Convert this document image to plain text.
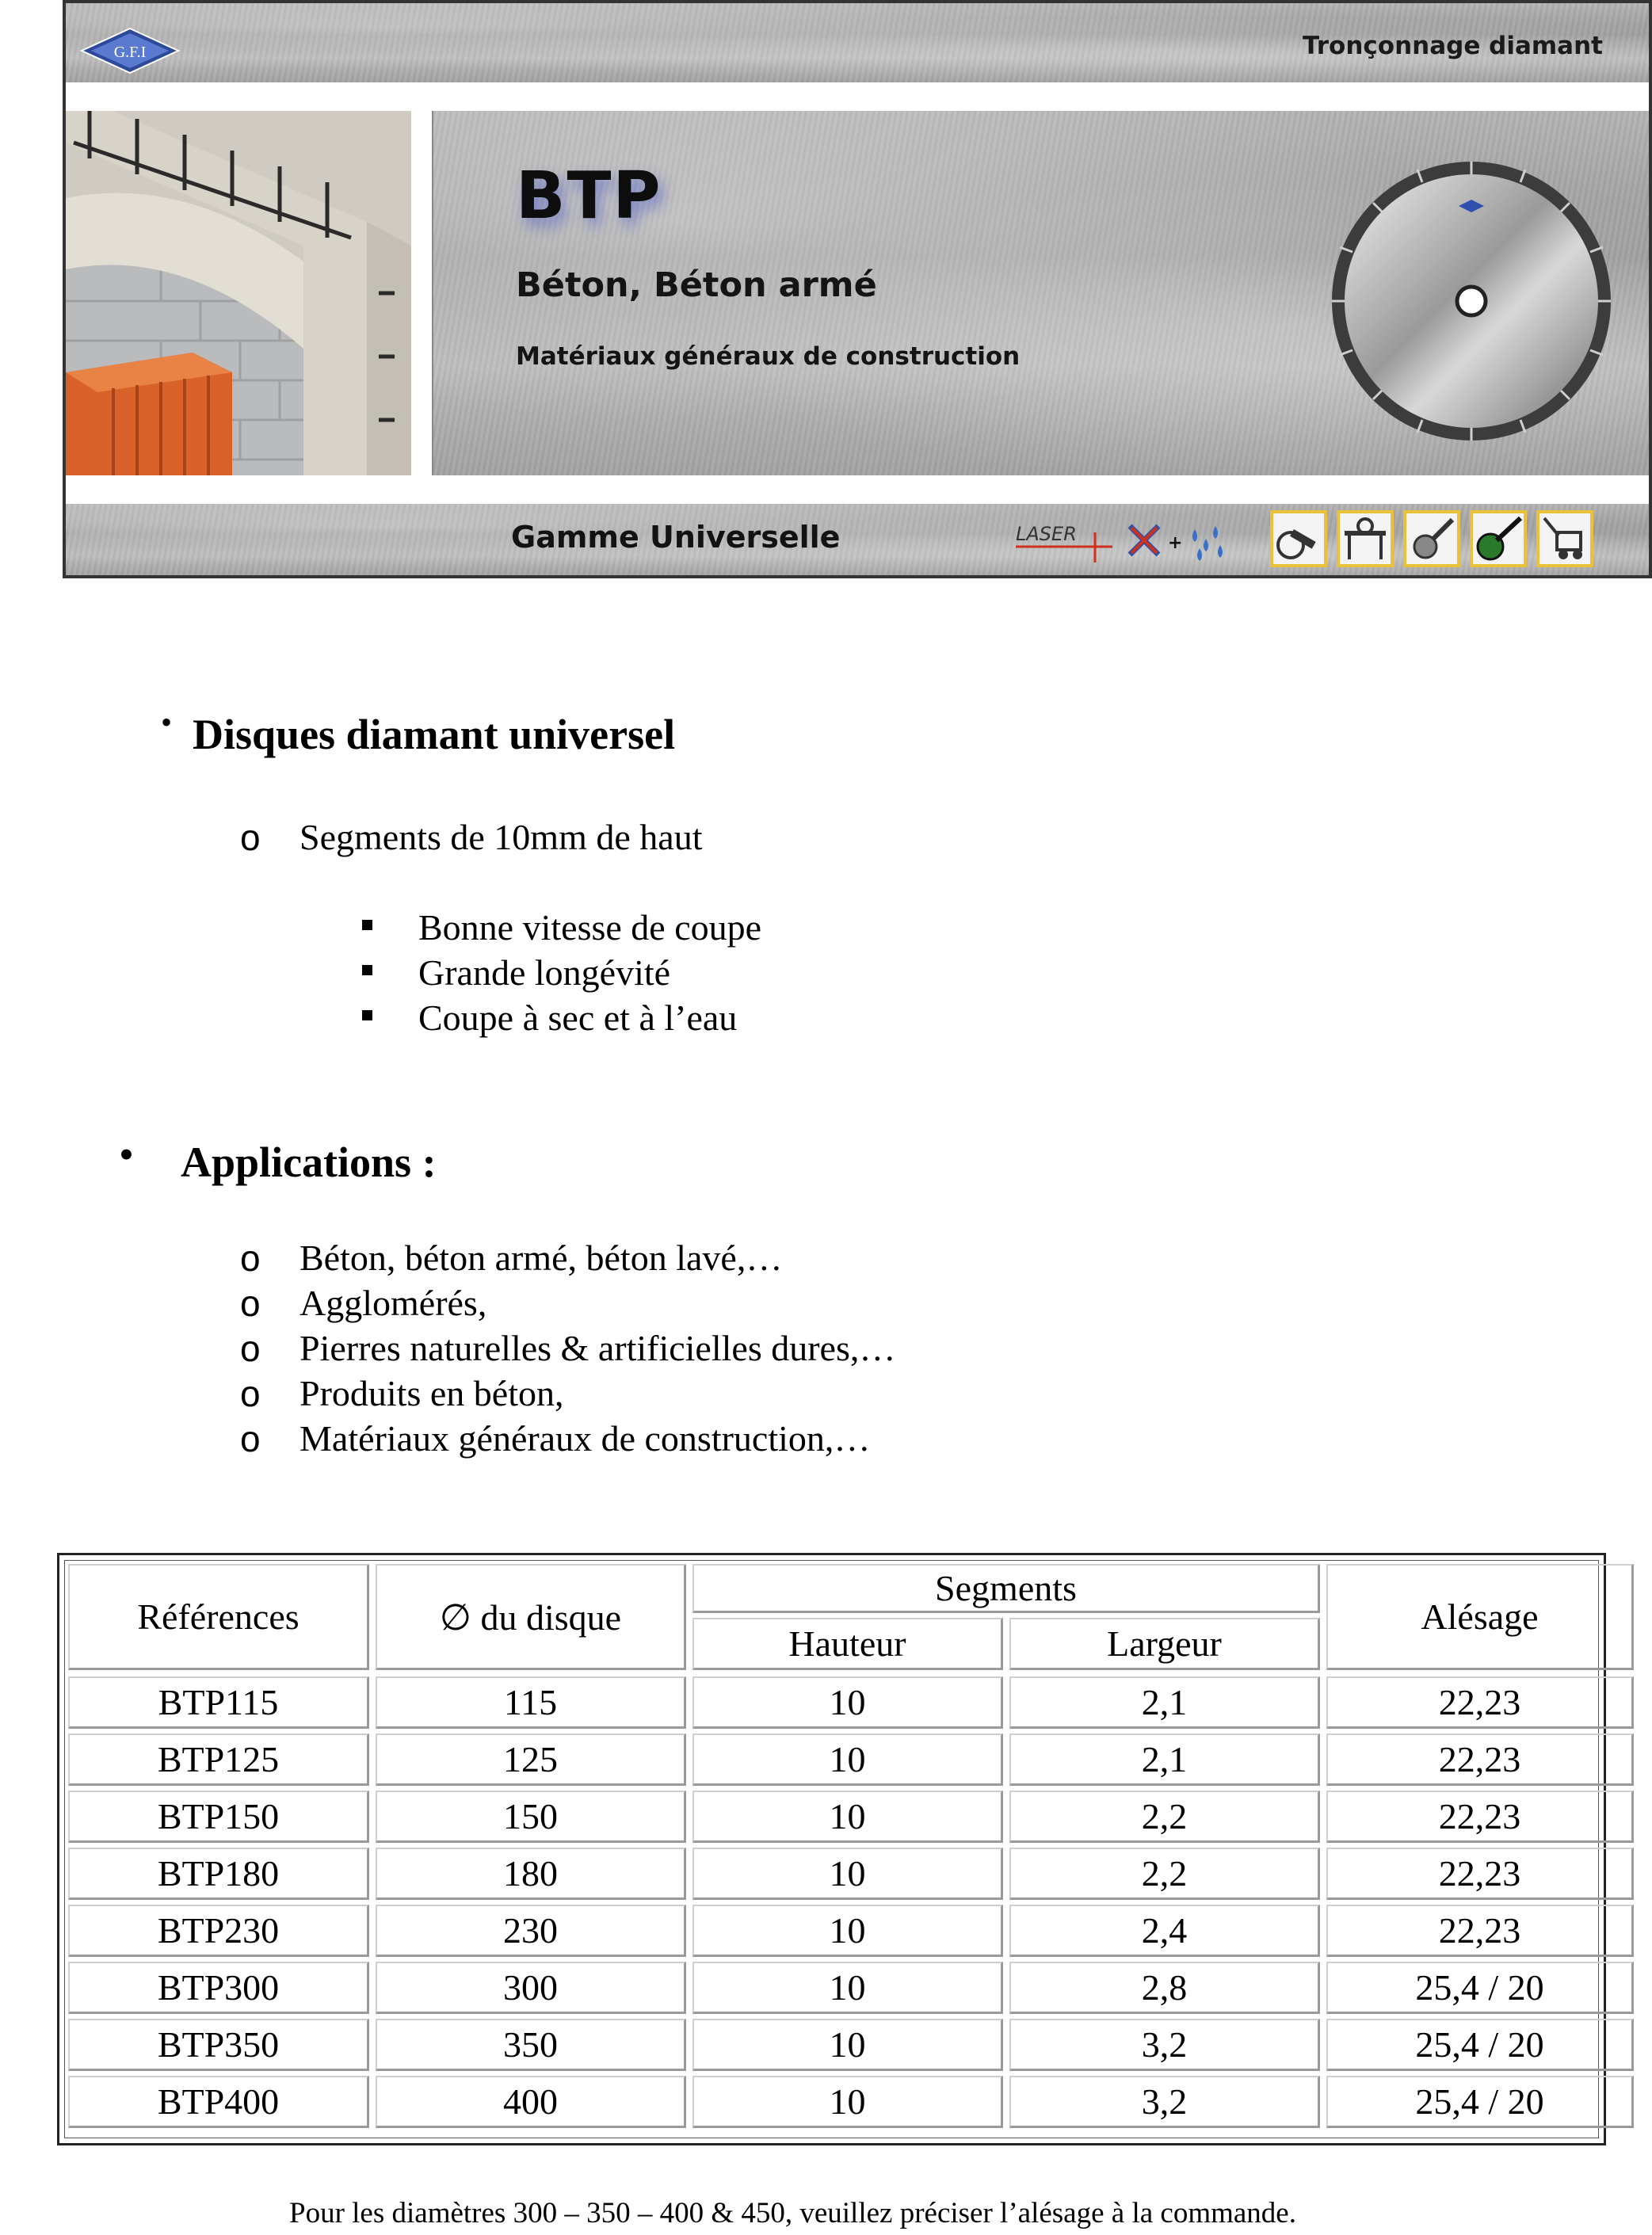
G.F.I	Tronçonnage diamant
BTP
Béton, Béton armé
Matériaux généraux de construction
Gamme Universelle	LASER	+
• Disques diamant universel
o Segments de 10mm de haut
Bonne vitesse de coupe
Grande longévité
Coupe à sec et à l’eau
• Applications :
o Béton, béton armé, béton lavé,…
o Agglomérés,
o Pierres naturelles & artificielles dures,…
o Produits en béton,
o Matériaux généraux de construction,…
Références	∅ du disque
Segments
Hauteur	Largeur
Alésage
BTP115	115	10	2,1	22,23
BTP125	125	10	2,1	22,23
BTP150	150	10	2,2	22,23
BTP180	180	10	2,2	22,23
BTP230	230	10	2,4	22,23
BTP300	300	10	2,8	25,4 / 20
BTP350	350	10	3,2	25,4 / 20
BTP400	400	10	3,2	25,4 / 20
Pour les diamètres 300 – 350 – 400 & 450, veuillez préciser l’alésage à la commande.
